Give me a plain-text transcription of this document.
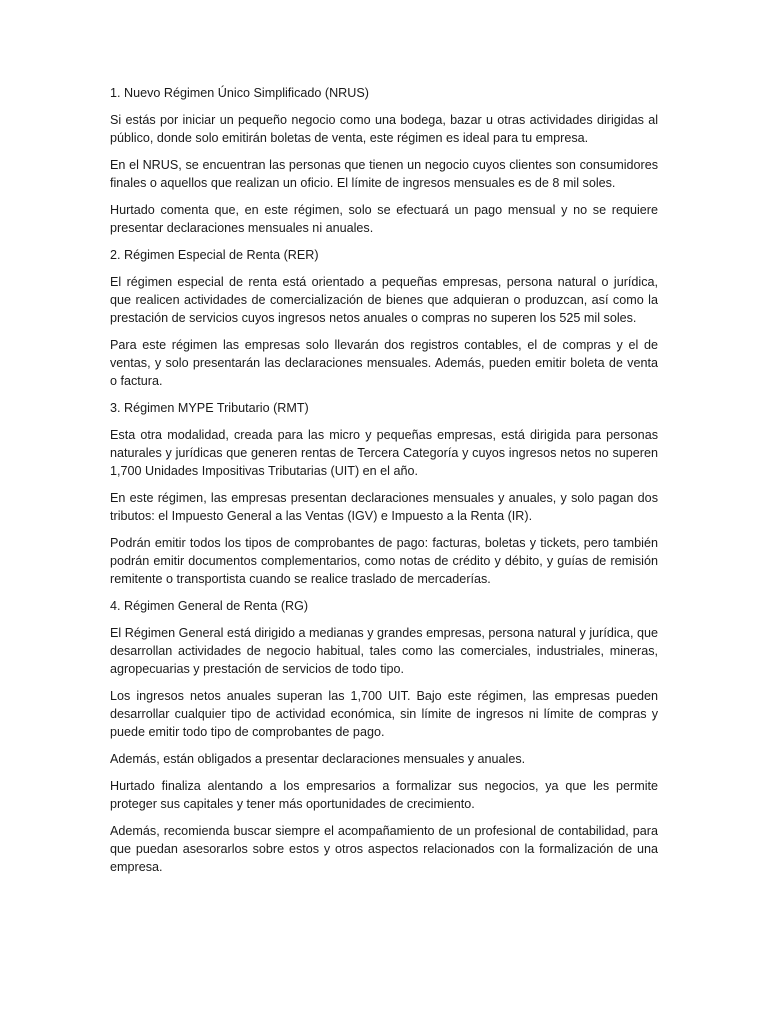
1. Nuevo Régimen Único Simplificado (NRUS)

Si estás por iniciar un pequeño negocio como una bodega, bazar u otras actividades dirigidas al público, donde solo emitirán boletas de venta, este régimen es ideal para tu empresa.

En el NRUS, se encuentran las personas que tienen un negocio cuyos clientes son consumidores finales o aquellos que realizan un oficio. El límite de ingresos mensuales es de 8 mil soles.

Hurtado comenta que, en este régimen, solo se efectuará un pago mensual y no se requiere presentar declaraciones mensuales ni anuales.

2. Régimen Especial de Renta (RER)

El régimen especial de renta está orientado a pequeñas empresas, persona natural o jurídica, que realicen actividades de comercialización de bienes que adquieran o produzcan, así como la prestación de servicios cuyos ingresos netos anuales o compras no superen los 525 mil soles.

Para este régimen las empresas solo llevarán dos registros contables, el de compras y el de ventas, y solo presentarán las declaraciones mensuales. Además, pueden emitir boleta de venta o factura.

3. Régimen MYPE Tributario (RMT)

Esta otra modalidad, creada para las micro y pequeñas empresas, está dirigida para personas naturales y jurídicas que generen rentas de Tercera Categoría y cuyos ingresos netos no superen 1,700 Unidades Impositivas Tributarias (UIT) en el año.

En este régimen, las empresas presentan declaraciones mensuales y anuales, y solo pagan dos tributos: el Impuesto General a las Ventas (IGV) e Impuesto a la Renta (IR).

Podrán emitir todos los tipos de comprobantes de pago: facturas, boletas y tickets, pero también podrán emitir documentos complementarios, como notas de crédito y débito, y guías de remisión remitente o transportista cuando se realice traslado de mercaderías.

4. Régimen General de Renta (RG)

El Régimen General está dirigido a medianas y grandes empresas, persona natural y jurídica, que desarrollan actividades de negocio habitual, tales como las comerciales, industriales, mineras, agropecuarias y prestación de servicios de todo tipo.

Los ingresos netos anuales superan las 1,700 UIT. Bajo este régimen, las empresas pueden desarrollar cualquier tipo de actividad económica, sin límite de ingresos ni límite de compras y puede emitir todo tipo de comprobantes de pago.

Además, están obligados a presentar declaraciones mensuales y anuales.

Hurtado finaliza alentando a los empresarios a formalizar sus negocios, ya que les permite proteger sus capitales y tener más oportunidades de crecimiento.

Además, recomienda buscar siempre el acompañamiento de un profesional de contabilidad, para que puedan asesorarlos sobre estos y otros aspectos relacionados con la formalización de una empresa.
